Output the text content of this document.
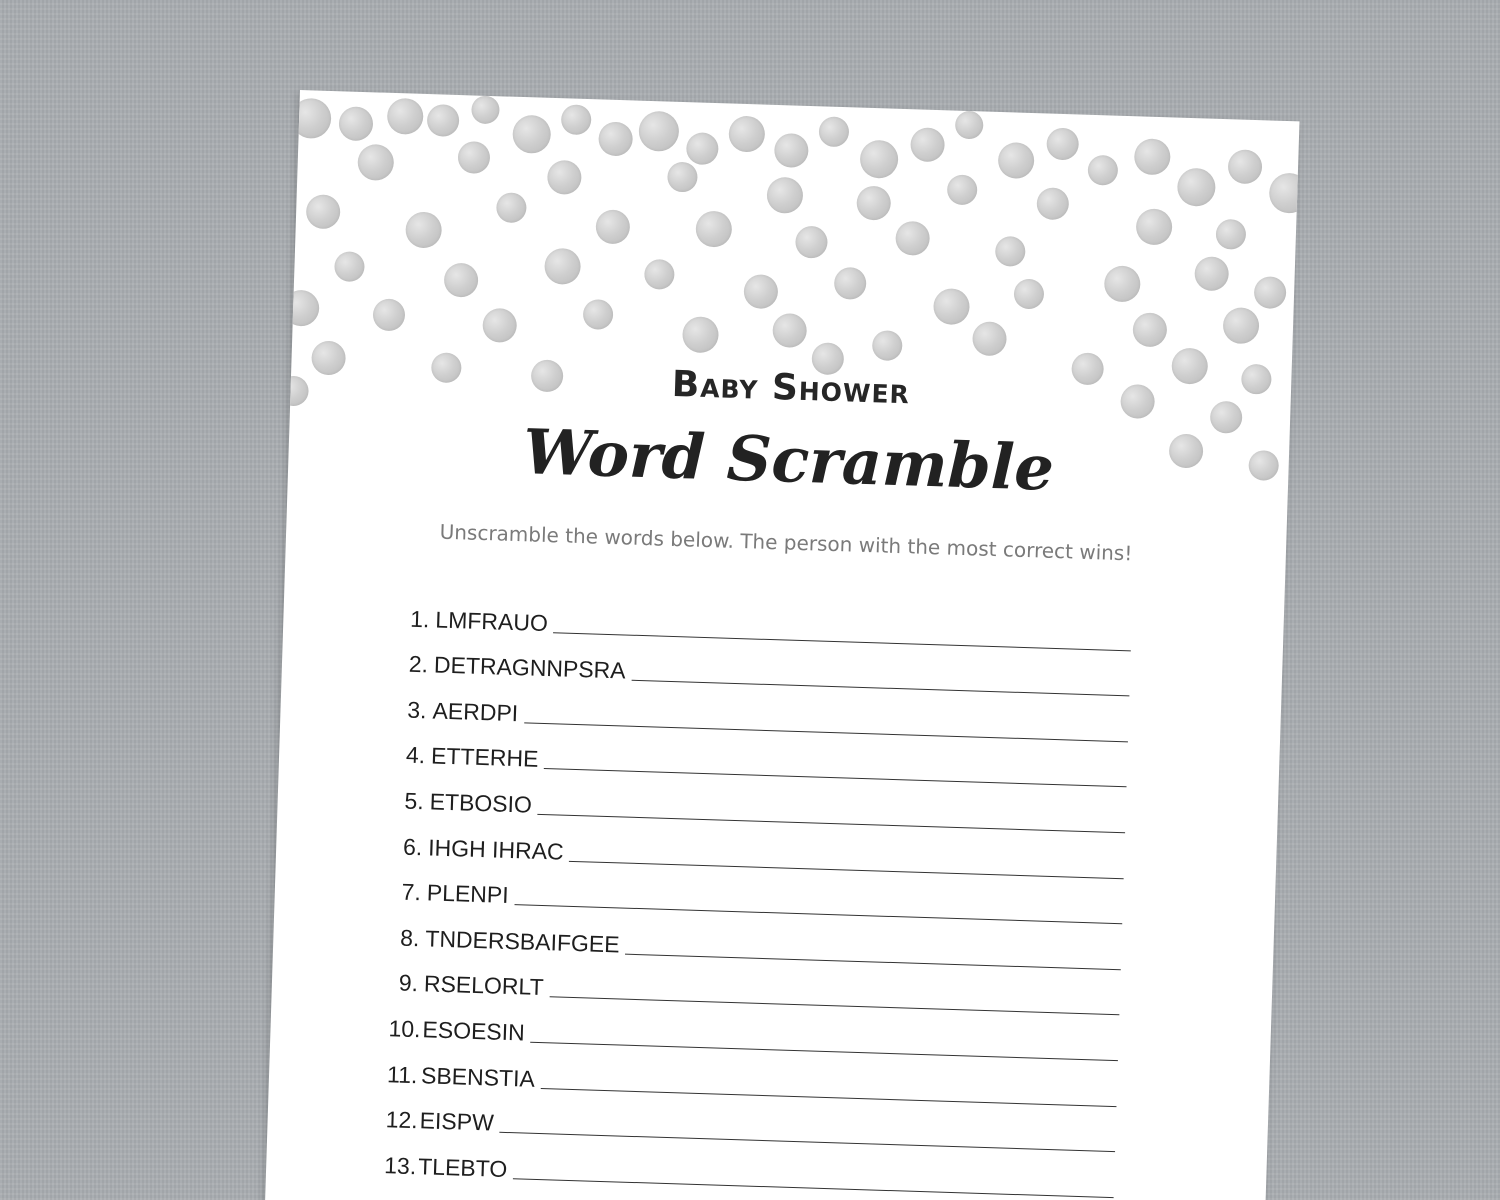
Baby Shower
Word Scramble

Unscramble the words below. The person with the most correct wins!

1. LMFRAUO
2. DETRAGNNPSRA
3. AERDPI
4. ETTERHE
5. ETBOSIO
6. IHGH IHRAC
7. PLENPI
8. TNDERSBAIFGEE
9. RSELORLT
10. ESOESIN
11. SBENSTIA
12. EISPW
13. TLEBTO
